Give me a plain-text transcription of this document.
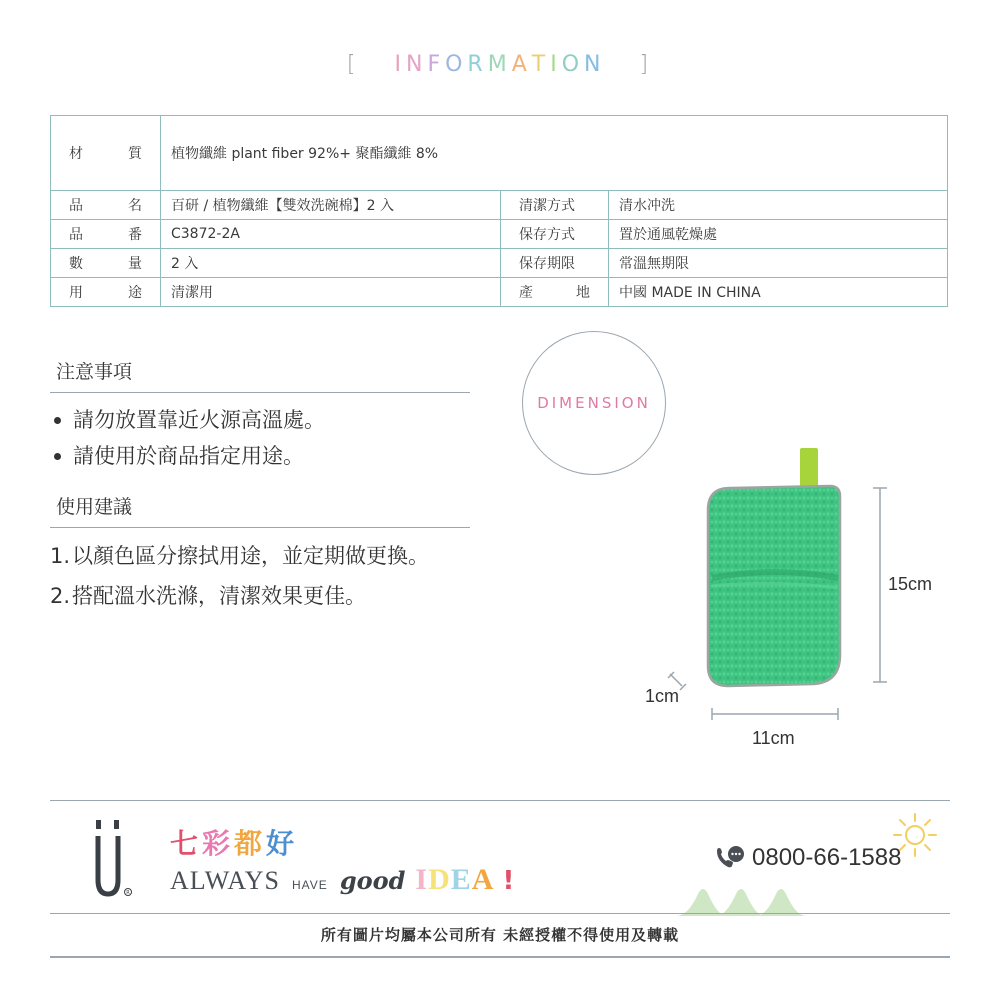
[ INFORMATION ]
材	質	植物纖維 plant fiber 92%+ 聚酯纖維 8%
品	名	百研 / 植物纖維【雙效洗碗棉】2 入	清潔方式	清水冲洗
品	番	C3872-2A	保存方式	置於通風乾燥處
數	量	2 入	保存期限	常溫無期限
用	途	清潔用	產	地	中國 MADE IN CHINA
注意事項
請勿放置靠近火源高溫處。
請使用於商品指定用途。
使用建議
1. 以顏色區分擦拭用途，並定期做更換。
2. 搭配溫水洗滌，清潔效果更佳。
DIMENSION
15cm
11cm
1cm
R
七彩都好
ALWAYS HAVE good IDEA !
0800-66-1588
所有圖片均屬本公司所有 未經授權不得使用及轉載
